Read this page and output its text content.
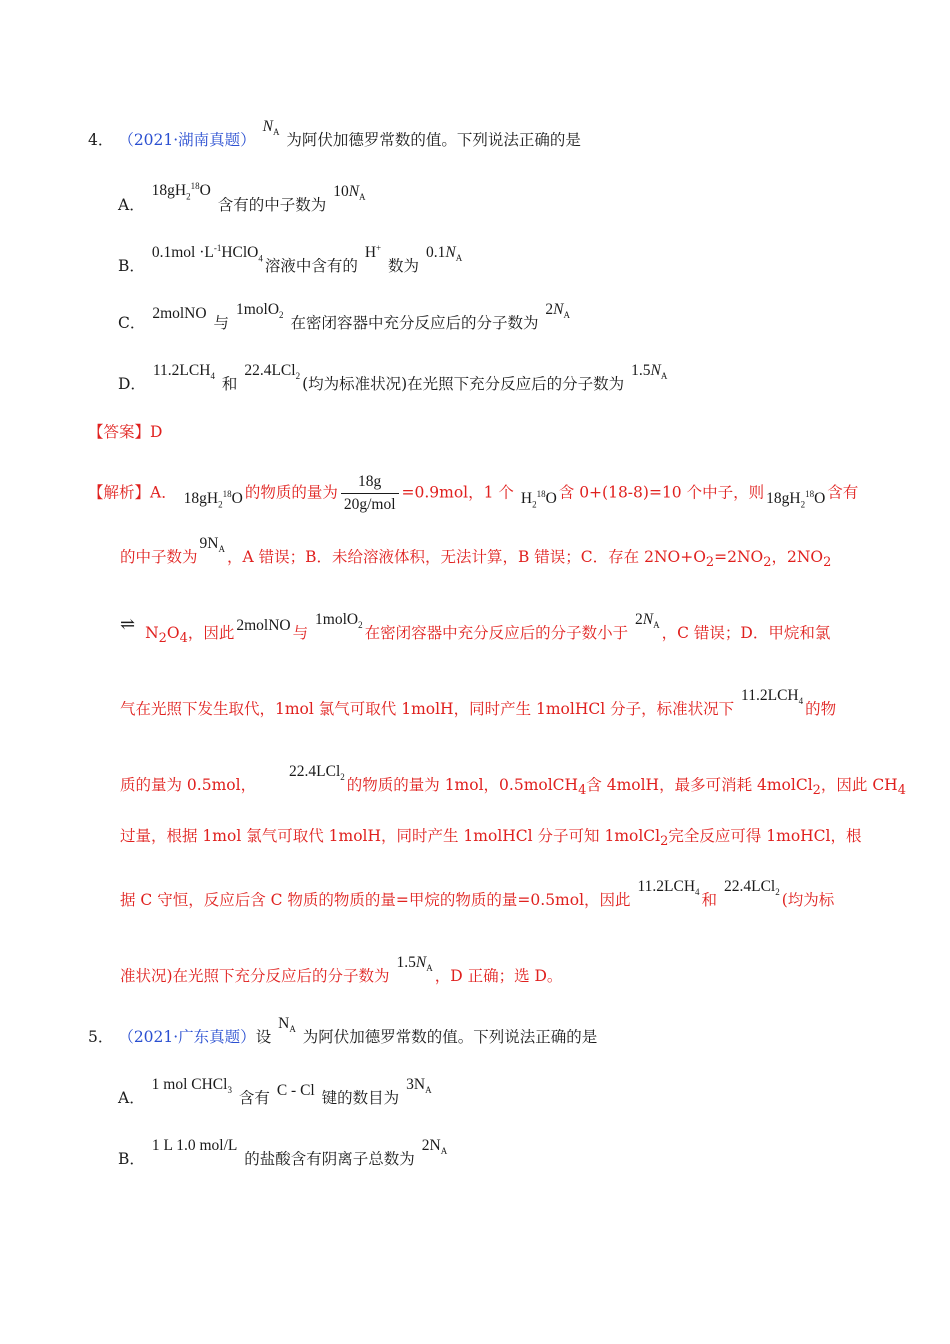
4． （2021·湖南真题） $N_A$ 为阿伏加德罗常数的值。下列说法正确的是
A． $18gH_2^{18}O$ 含有的中子数为 $10N_A$
B． $0.1mol \cdot L^{-1}HClO_4$ 溶液中含有的 H+ 数为 $0.1N_A$
C． 2molNO 与 1molO$_2$ 在密闭容器中充分反应后的分子数为 $2N_A$
D． $11.2LCH_4$ 和 22.4LCl$_2$ (均为标准状况)在光照下充分反应后的分子数为 $1.5N_A$
【答案】D
【解析】A． $18gH_2^{18}O$ 的物质的量为 $\frac{18g}{\text{20g/mol}} =0.9mol$，1 个 $H_2^{18}O$ 含 0+(18-8)=10 个中子，则 $18gH_2^{18}O$ 含有
的中子数为$9N_A$ ，A 错误；B．未给溶液体积，无法计算，B 错误；C．存在 $2NO+O_2=2NO_2$，$2NO_2$
⇌ $N_2O_4$，因此 2molNO 与 1molO$_2$ 在密闭容器中充分反应后的分子数小于 $2N_A$ ，C 错误；D．甲烷和氯
气在光照下发生取代，1mol 氯气可取代 1molH，同时产生 1molHCl 分子，标准状况下 $11.2LCH_4$ 的物
质的量为 0.5mol， 22.4LCl$_2$ 的物质的量为 1mol，0.5molCH$_4$含 4molH，最多可消耗 4molCl$_2$，因此 $CH_4$
过量，根据 1mol 氯气可取代 1molH，同时产生 1molHCl 分子可知 1molCl$_2$完全反应可得 1moHCl，根
据 C 守恒，反应后含 C 物质的物质的量=甲烷的物质的量=0.5mol，因此 $11.2LCH_4$ 和 22.4LCl$_2$ (均为标
准状况)在光照下充分反应后的分子数为 $1.5N_A$ ，D 正确；选 D。
5． （2021·广东真题）设 $N_A$ 为阿伏加德罗常数的值。下列说法正确的是
A． 1 mol CHCl$_3$ 含有 C - Cl 键的数目为 $3N_A$
B． 1 L 1.0 mol/L 的盐酸含有阴离子总数为 $2N_A$
